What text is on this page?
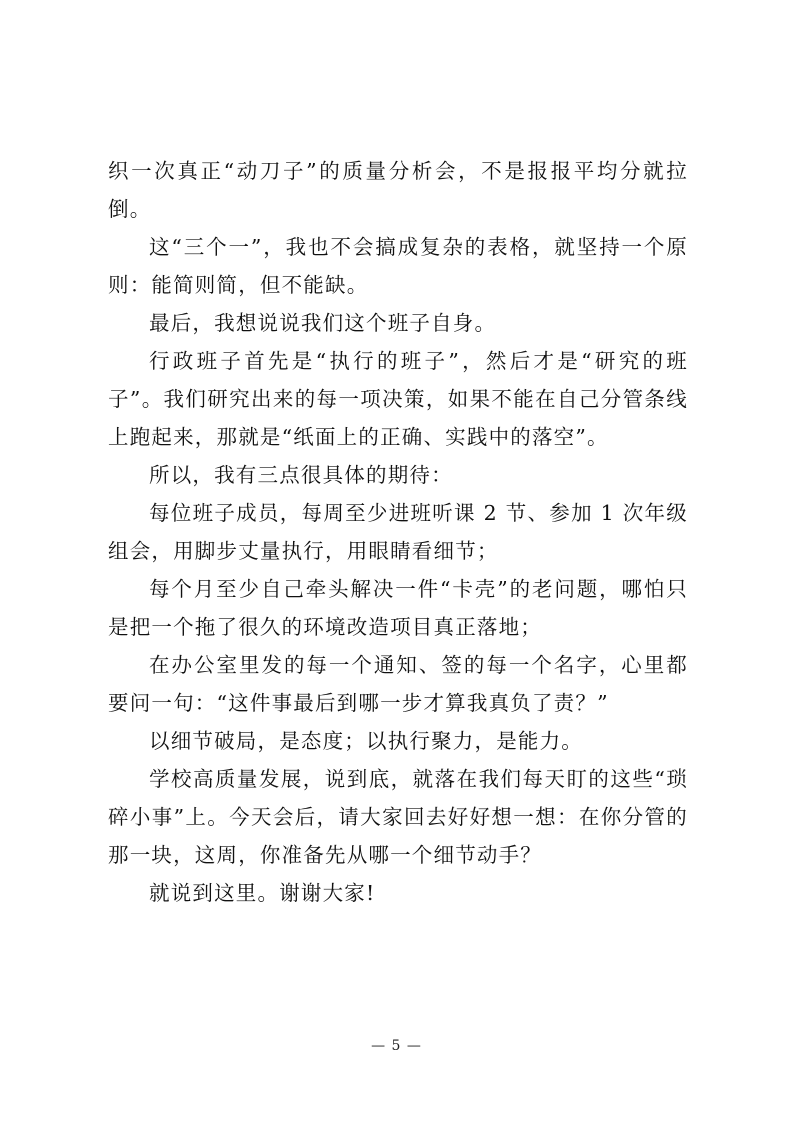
织一次真正“动刀子”的质量分析会，不是报报平均分就拉倒。

这“三个一”，我也不会搞成复杂的表格，就坚持一个原则：能简则简，但不能缺。

最后，我想说说我们这个班子自身。

行政班子首先是“执行的班子”，然后才是“研究的班子”。我们研究出来的每一项决策，如果不能在自己分管条线上跑起来，那就是“纸面上的正确、实践中的落空”。

所以，我有三点很具体的期待：

每位班子成员，每周至少进班听课 2 节、参加 1 次年级组会，用脚步丈量执行，用眼睛看细节；

每个月至少自己牵头解决一件“卡壳”的老问题，哪怕只是把一个拖了很久的环境改造项目真正落地；

在办公室里发的每一个通知、签的每一个名字，心里都要问一句：“这件事最后到哪一步才算我真负了责？”

以细节破局，是态度；以执行聚力，是能力。

学校高质量发展，说到底，就落在我们每天盯的这些“琐碎小事”上。今天会后，请大家回去好好想一想：在你分管的那一块，这周，你准备先从哪一个细节动手？

就说到这里。谢谢大家!

— 5 —
